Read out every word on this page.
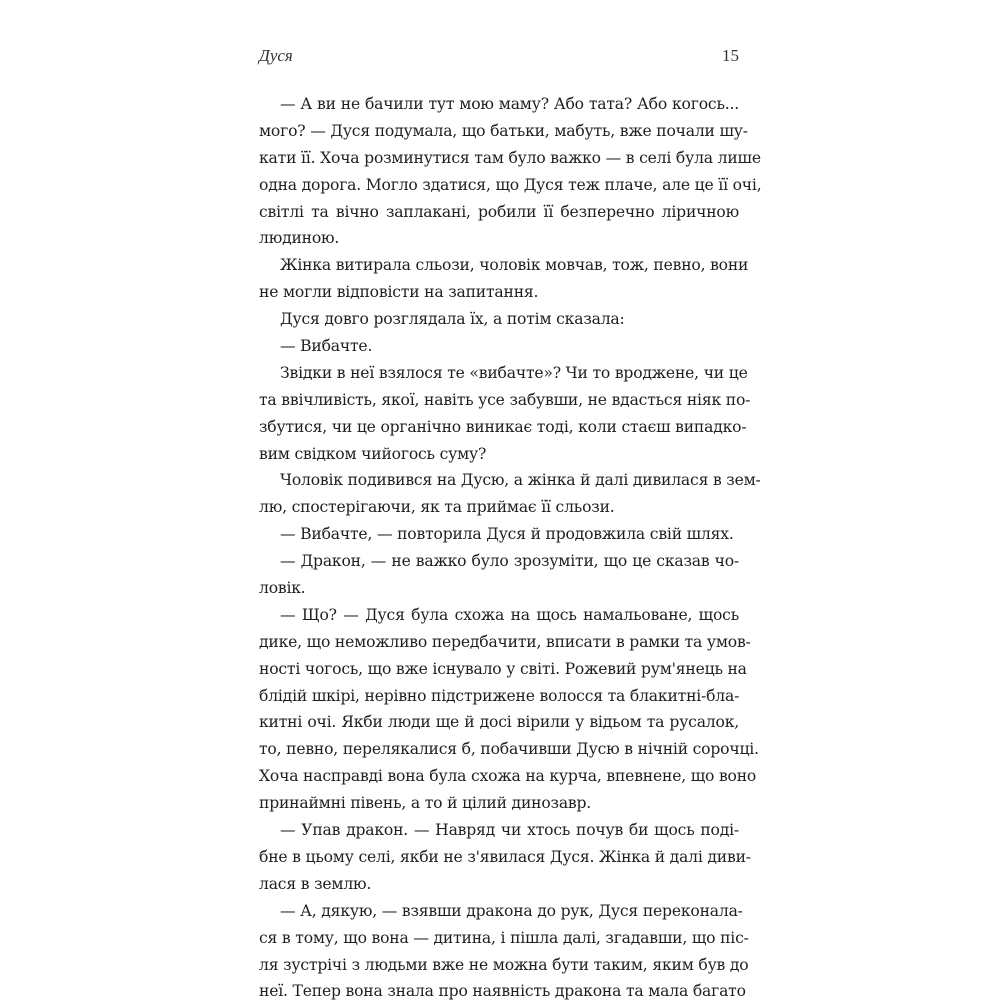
Дуся	15
— А ви не бачили тут мою маму? Або тата? Або когось...
мого? — Дуся подумала, що батьки, мабуть, вже почали шу-
кати її. Хоча розминутися там було важко — в селі була лише
одна дорога. Могло здатися, що Дуся теж плаче, але це її очі,
світлі та вічно заплакані, робили її безперечно ліричною
людиною.
Жінка витирала сльози, чоловік мовчав, тож, певно, вони
не могли відповісти на запитання.
Дуся довго розглядала їх, а потім сказала:
— Вибачте.
Звідки в неї взялося те «вибачте»? Чи то вроджене, чи це
та ввічливість, якої, навіть усе забувши, не вдасться ніяк по-
збутися, чи це органічно виникає тоді, коли стаєш випадко-
вим свідком чийогось суму?
Чоловік подивився на Дусю, а жінка й далі дивилася в зем-
лю, спостерігаючи, як та приймає її сльози.
— Вибачте, — повторила Дуся й продовжила свій шлях.
— Дракон, — не важко було зрозуміти, що це сказав чо-
ловік.
— Що? — Дуся була схожа на щось намальоване, щось
дике, що неможливо передбачити, вписати в рамки та умов-
ності чогось, що вже існувало у світі. Рожевий рум'янець на
блідій шкірі, нерівно підстрижене волосся та блакитні-бла-
китні очі. Якби люди ще й досі вірили у відьом та русалок,
то, певно, перелякалися б, побачивши Дусю в нічній сорочці.
Хоча насправді вона була схожа на курча, впевнене, що воно
принаймні півень, а то й цілий динозавр.
— Упав дракон. — Навряд чи хтось почув би щось поді-
бне в цьому селі, якби не з'явилася Дуся. Жінка й далі диви-
лася в землю.
— А, дякую, — взявши дракона до рук, Дуся переконала-
ся в тому, що вона — дитина, і пішла далі, згадавши, що піс-
ля зустрічі з людьми вже не можна бути таким, яким був до
неї. Тепер вона знала про наявність дракона та мала багато
